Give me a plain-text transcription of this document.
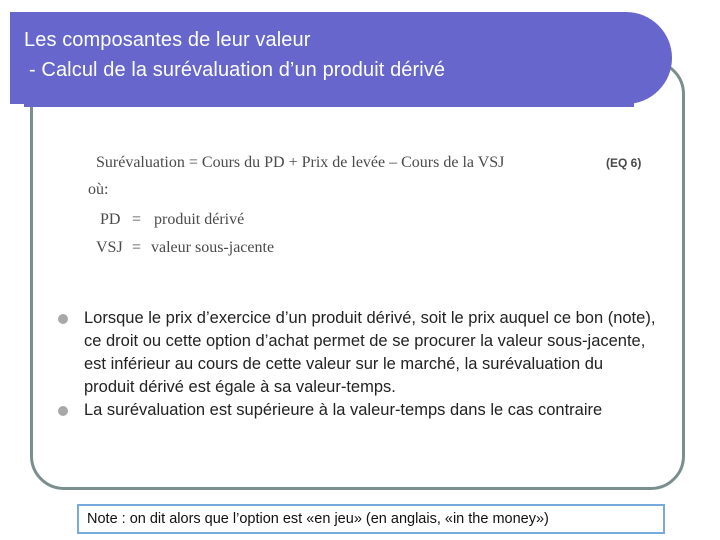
Les composantes de leur valeur
- Calcul de la surévaluation d’un produit dérivé
Surévaluation = Cours du PD + Prix de levée – Cours de la VSJ	(EQ 6)
où:
PD = produit dérivé
VSJ = valeur sous-jacente

Lorsque le prix d’exercice d’un produit dérivé, soit le prix auquel ce bon (note), ce droit ou cette option d’achat permet de se procurer la valeur sous-jacente, est inférieur au cours de cette valeur sur le marché, la surévaluation du produit dérivé est égale à sa valeur-temps.

La surévaluation est supérieure à la valeur-temps dans le cas contraire

Note : on dit alors que l’option est «en jeu» (en anglais, «in the money»)
